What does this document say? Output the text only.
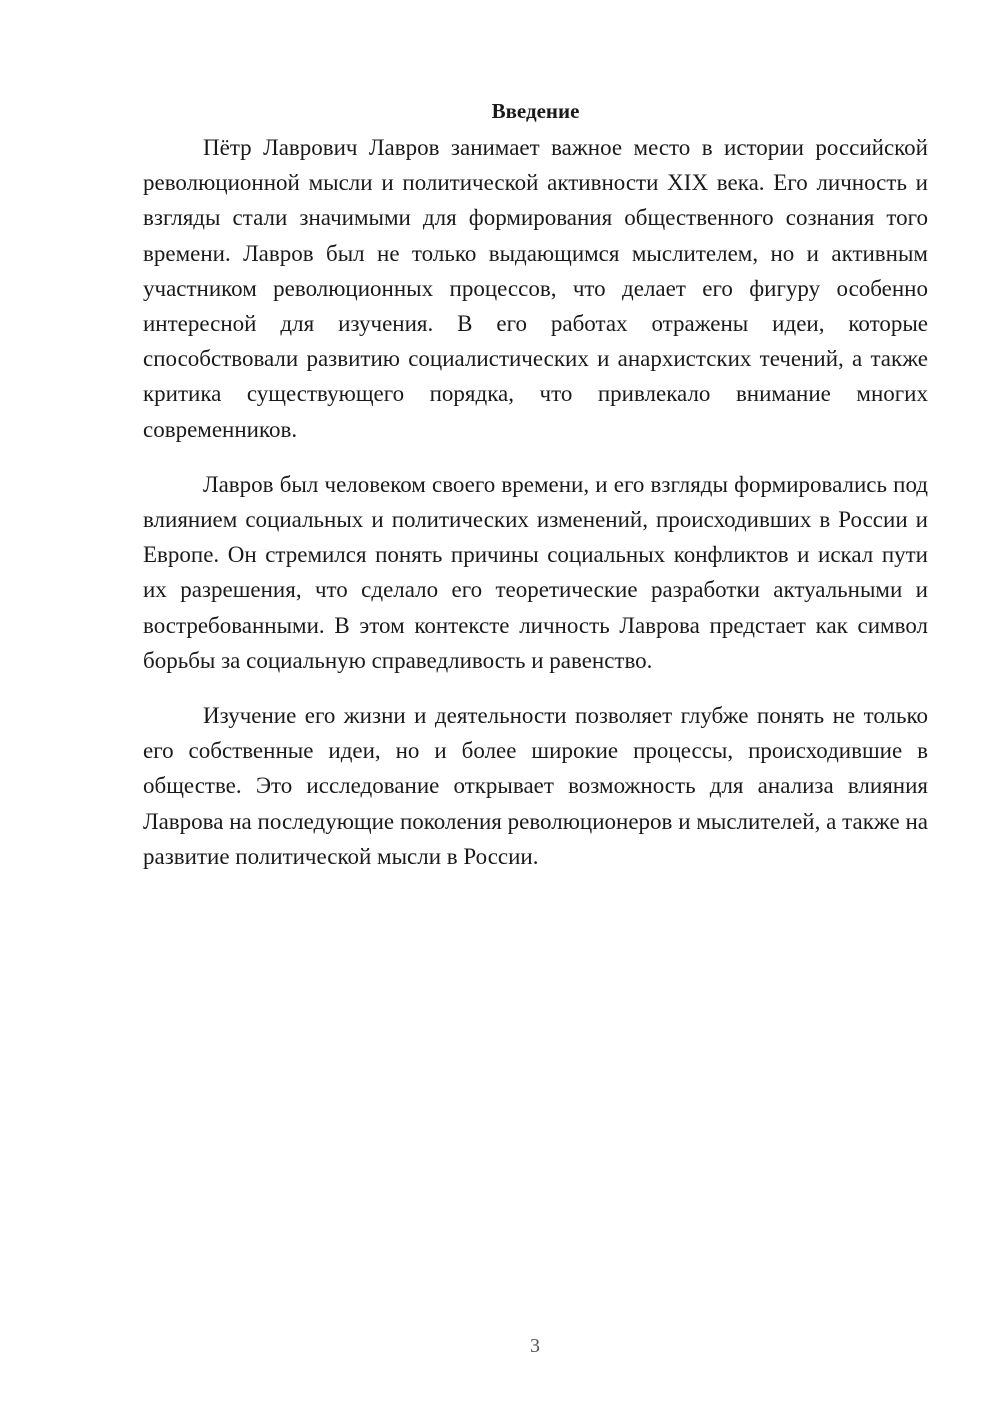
Введение

Пётр Лаврович Лавров занимает важное место в истории российской революционной мысли и политической активности XIX века. Его личность и взгляды стали значимыми для формирования общественного сознания того времени. Лавров был не только выдающимся мыслителем, но и активным участником революционных процессов, что делает его фигуру особенно интересной для изучения. В его работах отражены идеи, которые способствовали развитию социалистических и анархистских течений, а также критика существующего порядка, что привлекало внимание многих современников.

Лавров был человеком своего времени, и его взгляды формировались под влиянием социальных и политических изменений, происходивших в России и Европе. Он стремился понять причины социальных конфликтов и искал пути их разрешения, что сделало его теоретические разработки актуальными и востребованными. В этом контексте личность Лаврова предстает как символ борьбы за социальную справедливость и равенство.

Изучение его жизни и деятельности позволяет глубже понять не только его собственные идеи, но и более широкие процессы, происходившие в обществе. Это исследование открывает возможность для анализа влияния Лаврова на последующие поколения революционеров и мыслителей, а также на развитие политической мысли в России.

3
